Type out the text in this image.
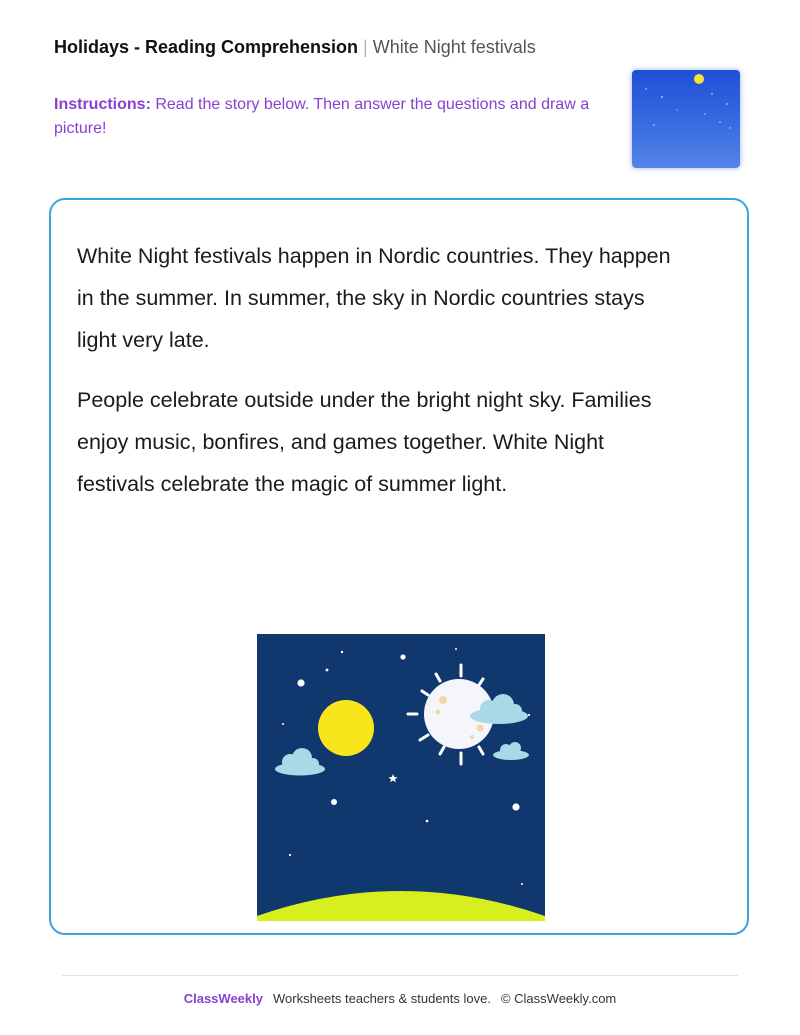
Holidays - Reading Comprehension | White Night festivals
Instructions: Read the story below. Then answer the questions and draw a picture!

White Night festivals happen in Nordic countries. They happen in the summer. In summer, the sky in Nordic countries stays light very late.

People celebrate outside under the bright night sky. Families enjoy music, bonfires, and games together. White Night festivals celebrate the magic of summer light.

ClassWeekly Worksheets teachers & students love. © ClassWeekly.com
